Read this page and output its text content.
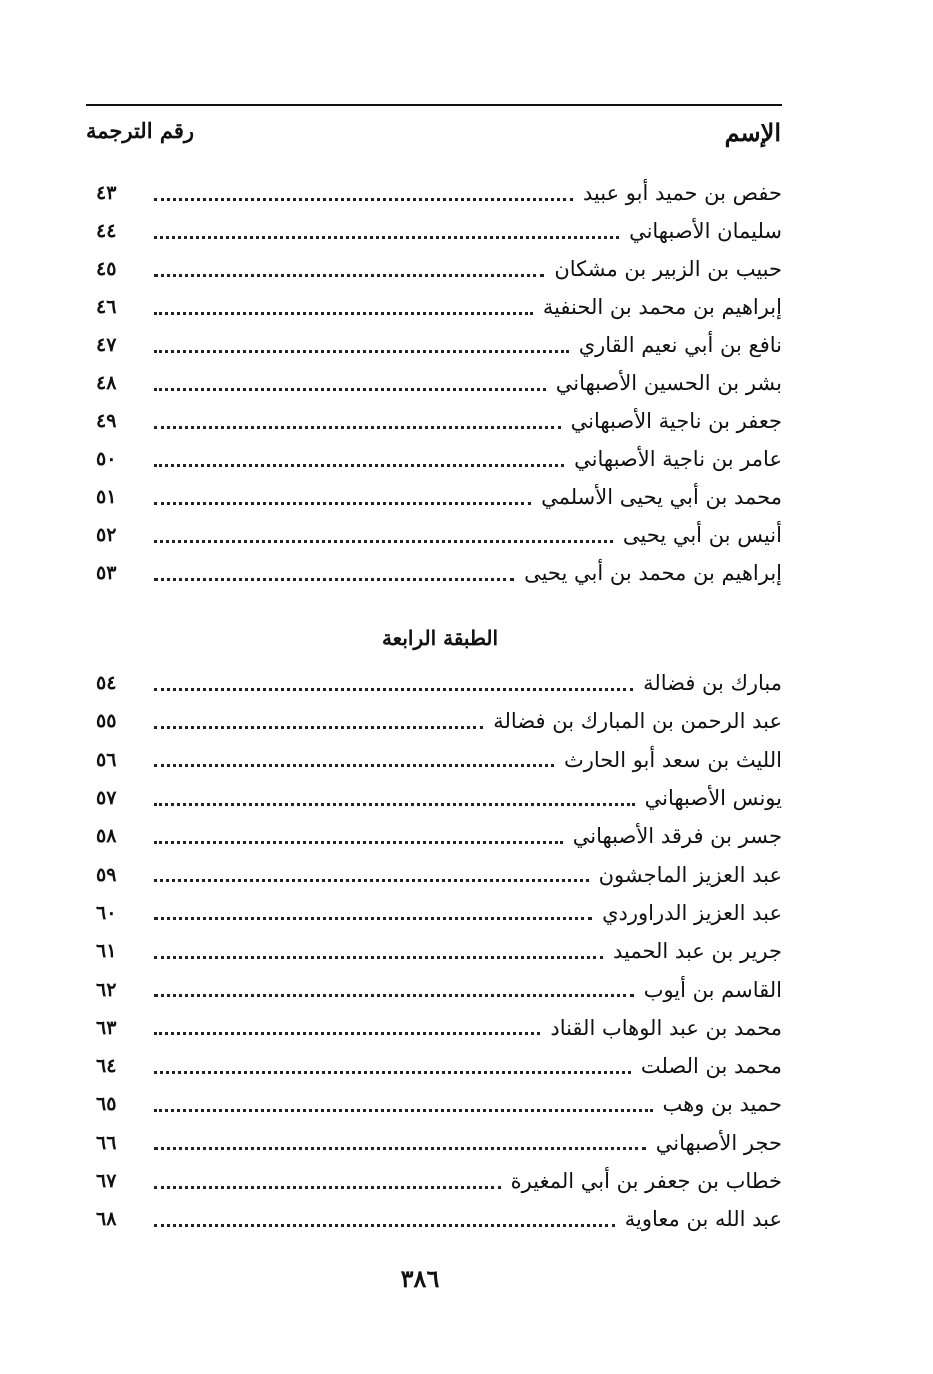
الإسم
رقم الترجمة
٤٣	حفص بن حميد أبو عبيد
٤٤	سليمان الأصبهاني
٤٥	حبيب بن الزبير بن مشكان
٤٦	إبراهيم بن محمد بن الحنفية
٤٧	نافع بن أبي نعيم القاري
٤٨	بشر بن الحسين الأصبهاني
٤٩	جعفر بن ناجية الأصبهاني
٥٠	عامر بن ناجية الأصبهاني
٥١	محمد بن أبي يحيى الأسلمي
٥٢	أنيس بن أبي يحيى
٥٣	إبراهيم بن محمد بن أبي يحيى
الطبقة الرابعة
٥٤	مبارك بن فضالة
٥٥	عبد الرحمن بن المبارك بن فضالة
٥٦	الليث بن سعد أبو الحارث
٥٧	يونس الأصبهاني
٥٨	جسر بن فرقد الأصبهاني
٥٩	عبد العزيز الماجشون
٦٠	عبد العزيز الدراوردي
٦١	جرير بن عبد الحميد
٦٢	القاسم بن أيوب
٦٣	محمد بن عبد الوهاب القناد
٦٤	محمد بن الصلت
٦٥	حميد بن وهب
٦٦	حجر الأصبهاني
٦٧	خطاب بن جعفر بن أبي المغيرة
٦٨	عبد الله بن معاوية
٣٨٦
